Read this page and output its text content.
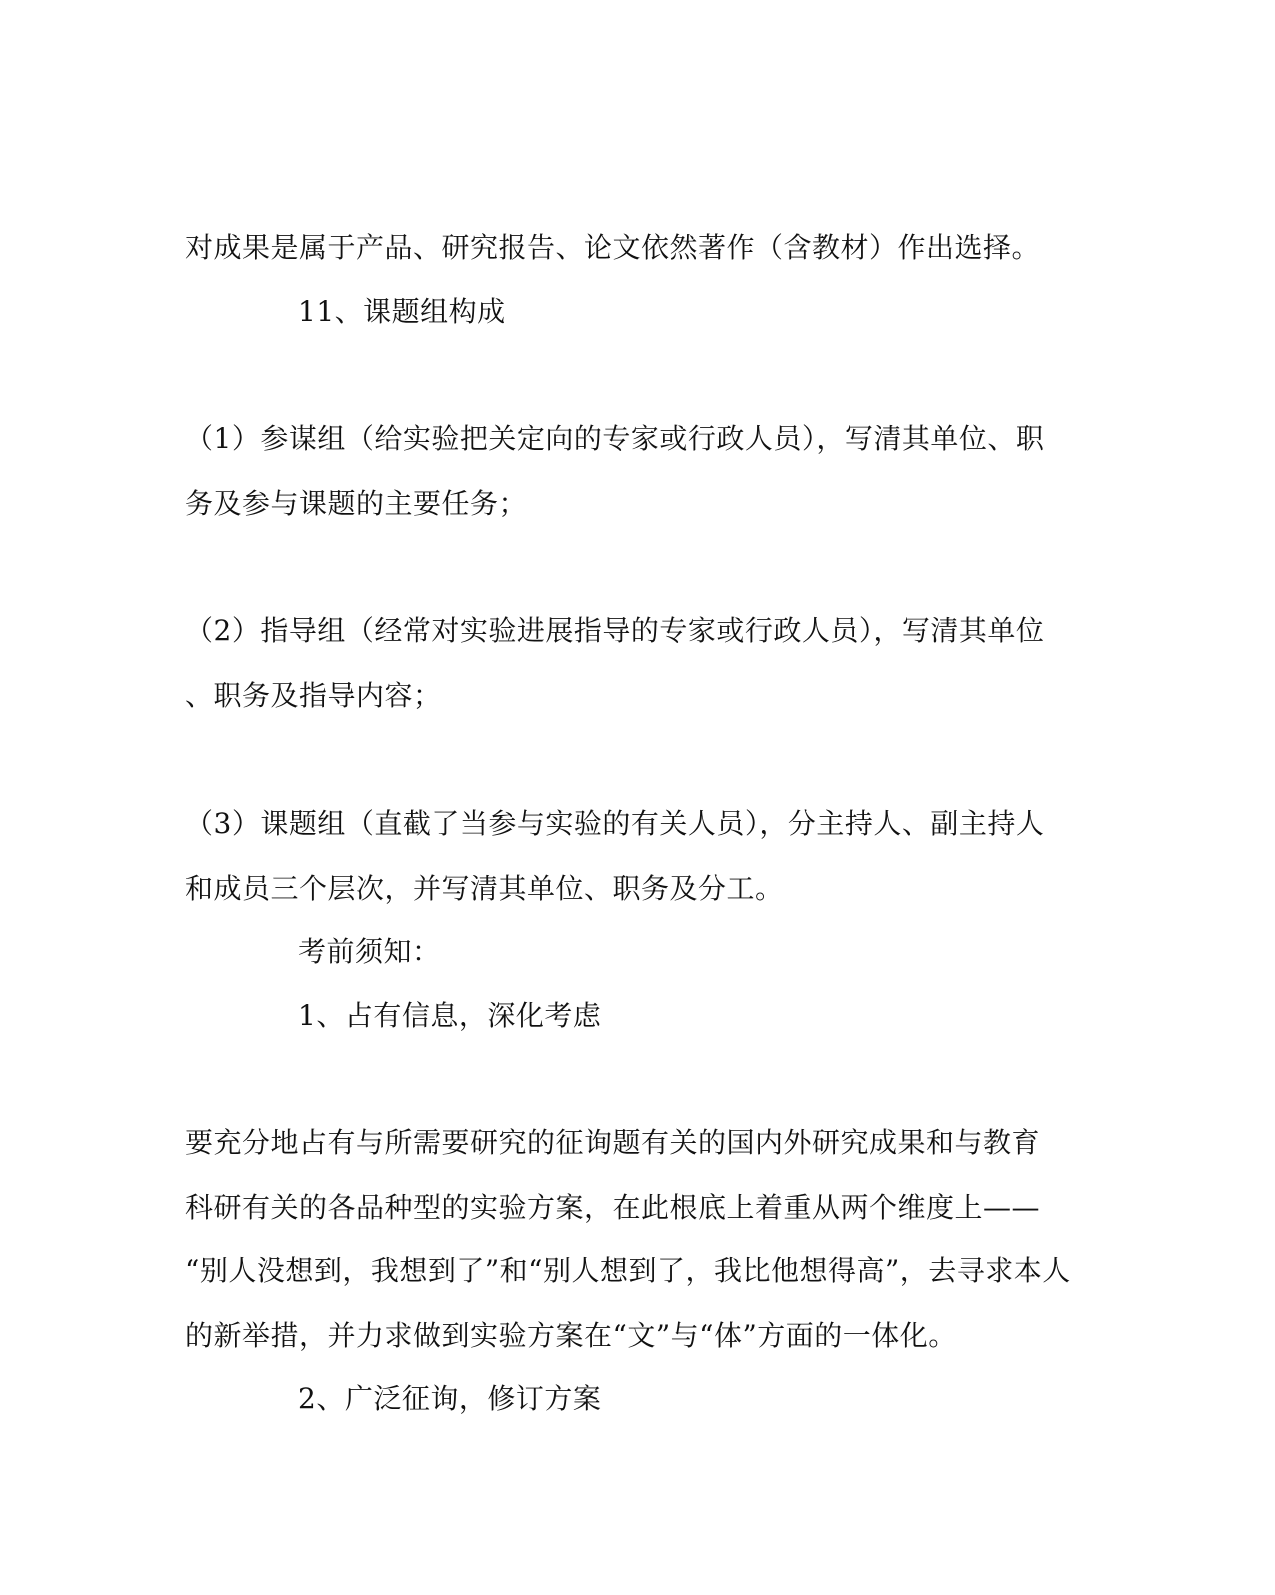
对成果是属于产品、研究报告、论文依然著作（含教材）作出选择。
11、课题组构成
（1）参谋组（给实验把关定向的专家或行政人员），写清其单位、职
务及参与课题的主要任务；
（2）指导组（经常对实验进展指导的专家或行政人员），写清其单位
、职务及指导内容；
（3）课题组（直截了当参与实验的有关人员），分主持人、副主持人
和成员三个层次，并写清其单位、职务及分工。
考前须知：
1、占有信息，深化考虑
要充分地占有与所需要研究的征询题有关的国内外研究成果和与教育
科研有关的各品种型的实验方案，在此根底上着重从两个维度上——
“别人没想到，我想到了”和“别人想到了，我比他想得高”，去寻求本人
的新举措，并力求做到实验方案在“文”与“体”方面的一体化。
2、广泛征询，修订方案
